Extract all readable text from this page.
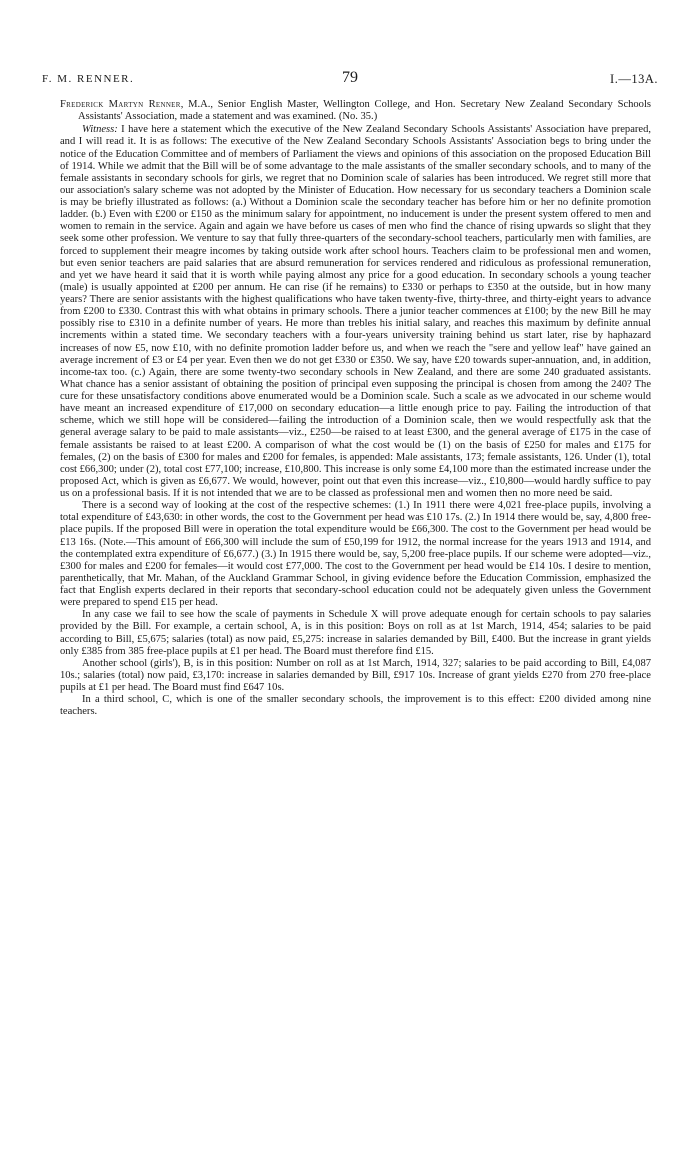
F. M. RENNER.	79	I.—13A.

Frederick Martyn Renner, M.A., Senior English Master, Wellington College, and Hon. Secretary New Zealand Secondary Schools Assistants' Association, made a statement and was examined. (No. 35.)

Witness: I have here a statement which the executive of the New Zealand Secondary Schools Assistants' Association have prepared, and I will read it. It is as follows: The executive of the New Zealand Secondary Schools Assistants' Association begs to bring under the notice of the Education Committee and of members of Parliament the views and opinions of this association on the proposed Education Bill of 1914. While we admit that the Bill will be of some advantage to the male assistants of the smaller secondary schools, and to many of the female assistants in secondary schools for girls, we regret that no Dominion scale of salaries has been introduced. We regret still more that our association's salary scheme was not adopted by the Minister of Education. How necessary for us secondary teachers a Dominion scale is may be briefly illustrated as follows: (a.) Without a Dominion scale the secondary teacher has before him or her no definite promotion ladder. (b.) Even with £200 or £150 as the minimum salary for appointment, no inducement is under the present system offered to men and women to remain in the service. Again and again we have before us cases of men who find the chance of rising upwards so slight that they seek some other profession. We venture to say that fully three-quarters of the secondary-school teachers, particularly men with families, are forced to supplement their meagre incomes by taking outside work after school hours. Teachers claim to be professional men and women, but even senior teachers are paid salaries that are absurd remuneration for services rendered and ridiculous as professional remuneration, and yet we have heard it said that it is worth while paying almost any price for a good education. In secondary schools a young teacher (male) is usually appointed at £200 per annum. He can rise (if he remains) to £330 or perhaps to £350 at the outside, but in how many years? There are senior assistants with the highest qualifications who have taken twenty-five, thirty-three, and thirty-eight years to advance from £200 to £330. Contrast this with what obtains in primary schools. There a junior teacher commences at £100; by the new Bill he may possibly rise to £310 in a definite number of years. He more than trebles his initial salary, and reaches this maximum by definite annual increments within a stated time. We secondary teachers with a four-years university training behind us start later, rise by haphazard increases of now £5, now £10, with no definite promotion ladder before us, and when we reach the "sere and yellow leaf" have gained an average increment of £3 or £4 per year. Even then we do not get £330 or £350. We say, have £20 towards super-annuation, and, in addition, income-tax too. (c.) Again, there are some twenty-two secondary schools in New Zealand, and there are some 240 graduated assistants. What chance has a senior assistant of obtaining the position of principal even supposing the principal is chosen from among the 240? The cure for these unsatisfactory conditions above enumerated would be a Dominion scale. Such a scale as we advocated in our scheme would have meant an increased expenditure of £17,000 on secondary education—a little enough price to pay. Failing the introduction of that scheme, which we still hope will be considered—failing the introduction of a Dominion scale, then we would respectfully ask that the general average salary to be paid to male assistants—viz., £250—be raised to at least £300, and the general average of £175 in the case of female assistants be raised to at least £200. A comparison of what the cost would be (1) on the basis of £250 for males and £175 for females, (2) on the basis of £300 for males and £200 for females, is appended: Male assistants, 173; female assistants, 126. Under (1), total cost £66,300; under (2), total cost £77,100; increase, £10,800. This increase is only some £4,100 more than the estimated increase under the proposed Act, which is given as £6,677. We would, however, point out that even this increase—viz., £10,800—would hardly suffice to pay us on a professional basis. If it is not intended that we are to be classed as professional men and women then no more need be said.

There is a second way of looking at the cost of the respective schemes: (1.) In 1911 there were 4,021 free-place pupils, involving a total expenditure of £43,630: in other words, the cost to the Government per head was £10 17s. (2.) In 1914 there would be, say, 4,800 free-place pupils. If the proposed Bill were in operation the total expenditure would be £66,300. The cost to the Government per head would be £13 16s. (Note.—This amount of £66,300 will include the sum of £50,199 for 1912, the normal increase for the years 1913 and 1914, and the contemplated extra expenditure of £6,677.) (3.) In 1915 there would be, say, 5,200 free-place pupils. If our scheme were adopted—viz., £300 for males and £200 for females—it would cost £77,000. The cost to the Government per head would be £14 10s. I desire to mention, parenthetically, that Mr. Mahan, of the Auckland Grammar School, in giving evidence before the Education Commission, emphasized the fact that English experts declared in their reports that secondary-school education could not be adequately given unless the Government were prepared to spend £15 per head.

In any case we fail to see how the scale of payments in Schedule X will prove adequate enough for certain schools to pay salaries provided by the Bill. For example, a certain school, A, is in this position: Boys on roll as at 1st March, 1914, 454; salaries to be paid according to Bill, £5,675; salaries (total) as now paid, £5,275: increase in salaries demanded by Bill, £400. But the increase in grant yields only £385 from 385 free-place pupils at £1 per head. The Board must therefore find £15.

Another school (girls'), B, is in this position: Number on roll as at 1st March, 1914, 327; salaries to be paid according to Bill, £4,087 10s.; salaries (total) now paid, £3,170: increase in salaries demanded by Bill, £917 10s. Increase of grant yields £270 from 270 free-place pupils at £1 per head. The Board must find £647 10s.

In a third school, C, which is one of the smaller secondary schools, the improvement is to this effect: £200 divided among nine teachers.
